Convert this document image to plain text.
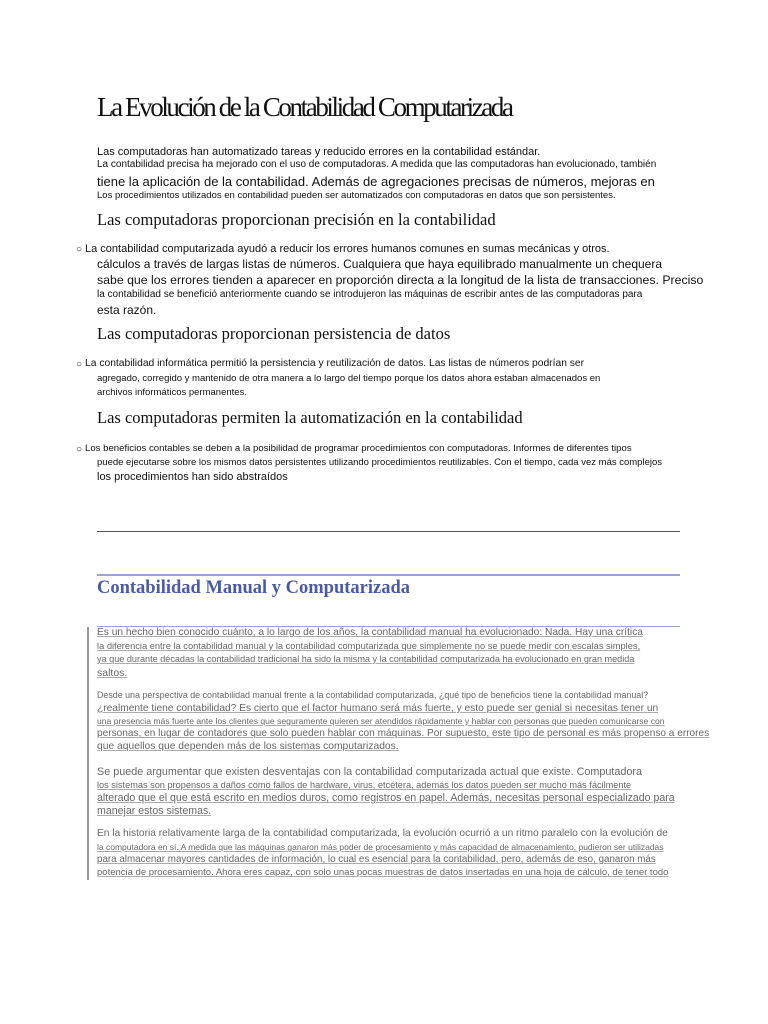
La Evolución de la Contabilidad Computarizada
Las computadoras han automatizado tareas y reducido errores en la contabilidad estándar.
La contabilidad precisa ha mejorado con el uso de computadoras. A medida que las computadoras han evolucionado, también
tiene la aplicación de la contabilidad. Además de agregaciones precisas de números, mejoras en
Los procedimientos utilizados en contabilidad pueden ser automatizados con computadoras en datos que son persistentes.
Las computadoras proporcionan precisión en la contabilidad
○ La contabilidad computarizada ayudó a reducir los errores humanos comunes en sumas mecánicas y otros.
cálculos a través de largas listas de números. Cualquiera que haya equilibrado manualmente un chequera
sabe que los errores tienden a aparecer en proporción directa a la longitud de la lista de transacciones. Preciso
la contabilidad se benefició anteriormente cuando se introdujeron las máquinas de escribir antes de las computadoras para
esta razón.
Las computadoras proporcionan persistencia de datos
○ La contabilidad informática permitió la persistencia y reutilización de datos. Las listas de números podrían ser
agregado, corregido y mantenido de otra manera a lo largo del tiempo porque los datos ahora estaban almacenados en
archivos informáticos permanentes.
Las computadoras permiten la automatización en la contabilidad
○ Los beneficios contables se deben a la posibilidad de programar procedimientos con computadoras. Informes de diferentes tipos
puede ejecutarse sobre los mismos datos persistentes utilizando procedimientos reutilizables. Con el tiempo, cada vez más complejos
los procedimientos han sido abstraídos
Contabilidad Manual y Computarizada
Es un hecho bien conocido cuánto, a lo largo de los años, la contabilidad manual ha evolucionado: Nada. Hay una crítica
la diferencia entre la contabilidad manual y la contabilidad computarizada que simplemente no se puede medir con escalas simples,
ya que durante décadas la contabilidad tradicional ha sido la misma y la contabilidad computarizada ha evolucionado en gran medida
saltos.
Desde una perspectiva de contabilidad manual frente a la contabilidad computarizada, ¿qué tipo de beneficios tiene la contabilidad manual?
¿realmente tiene contabilidad? Es cierto que el factor humano será más fuerte, y esto puede ser genial si necesitas tener un
una presencia más fuerte ante los clientes que seguramente quieren ser atendidos rápidamente y hablar con personas que pueden comunicarse con
personas, en lugar de contadores que solo pueden hablar con máquinas. Por supuesto, este tipo de personal es más propenso a errores
que aquellos que dependen más de los sistemas computarizados.
Se puede argumentar que existen desventajas con la contabilidad computarizada actual que existe. Computadora
los sistemas son propensos a daños como fallos de hardware, virus, etcétera, además los datos pueden ser mucho más fácilmente
alterado que el que está escrito en medios duros, como registros en papel. Además, necesitas personal especializado para
manejar estos sistemas.
En la historia relativamente larga de la contabilidad computarizada, la evolución ocurrió a un ritmo paralelo con la evolución de
la computadora en sí. A medida que las máquinas ganaron más poder de procesamiento y más capacidad de almacenamiento, pudieron ser utilizadas
para almacenar mayores cantidades de información, lo cual es esencial para la contabilidad, pero, además de eso, ganaron más
potencia de procesamiento. Ahora eres capaz, con solo unas pocas muestras de datos insertadas en una hoja de cálculo, de tener todo
